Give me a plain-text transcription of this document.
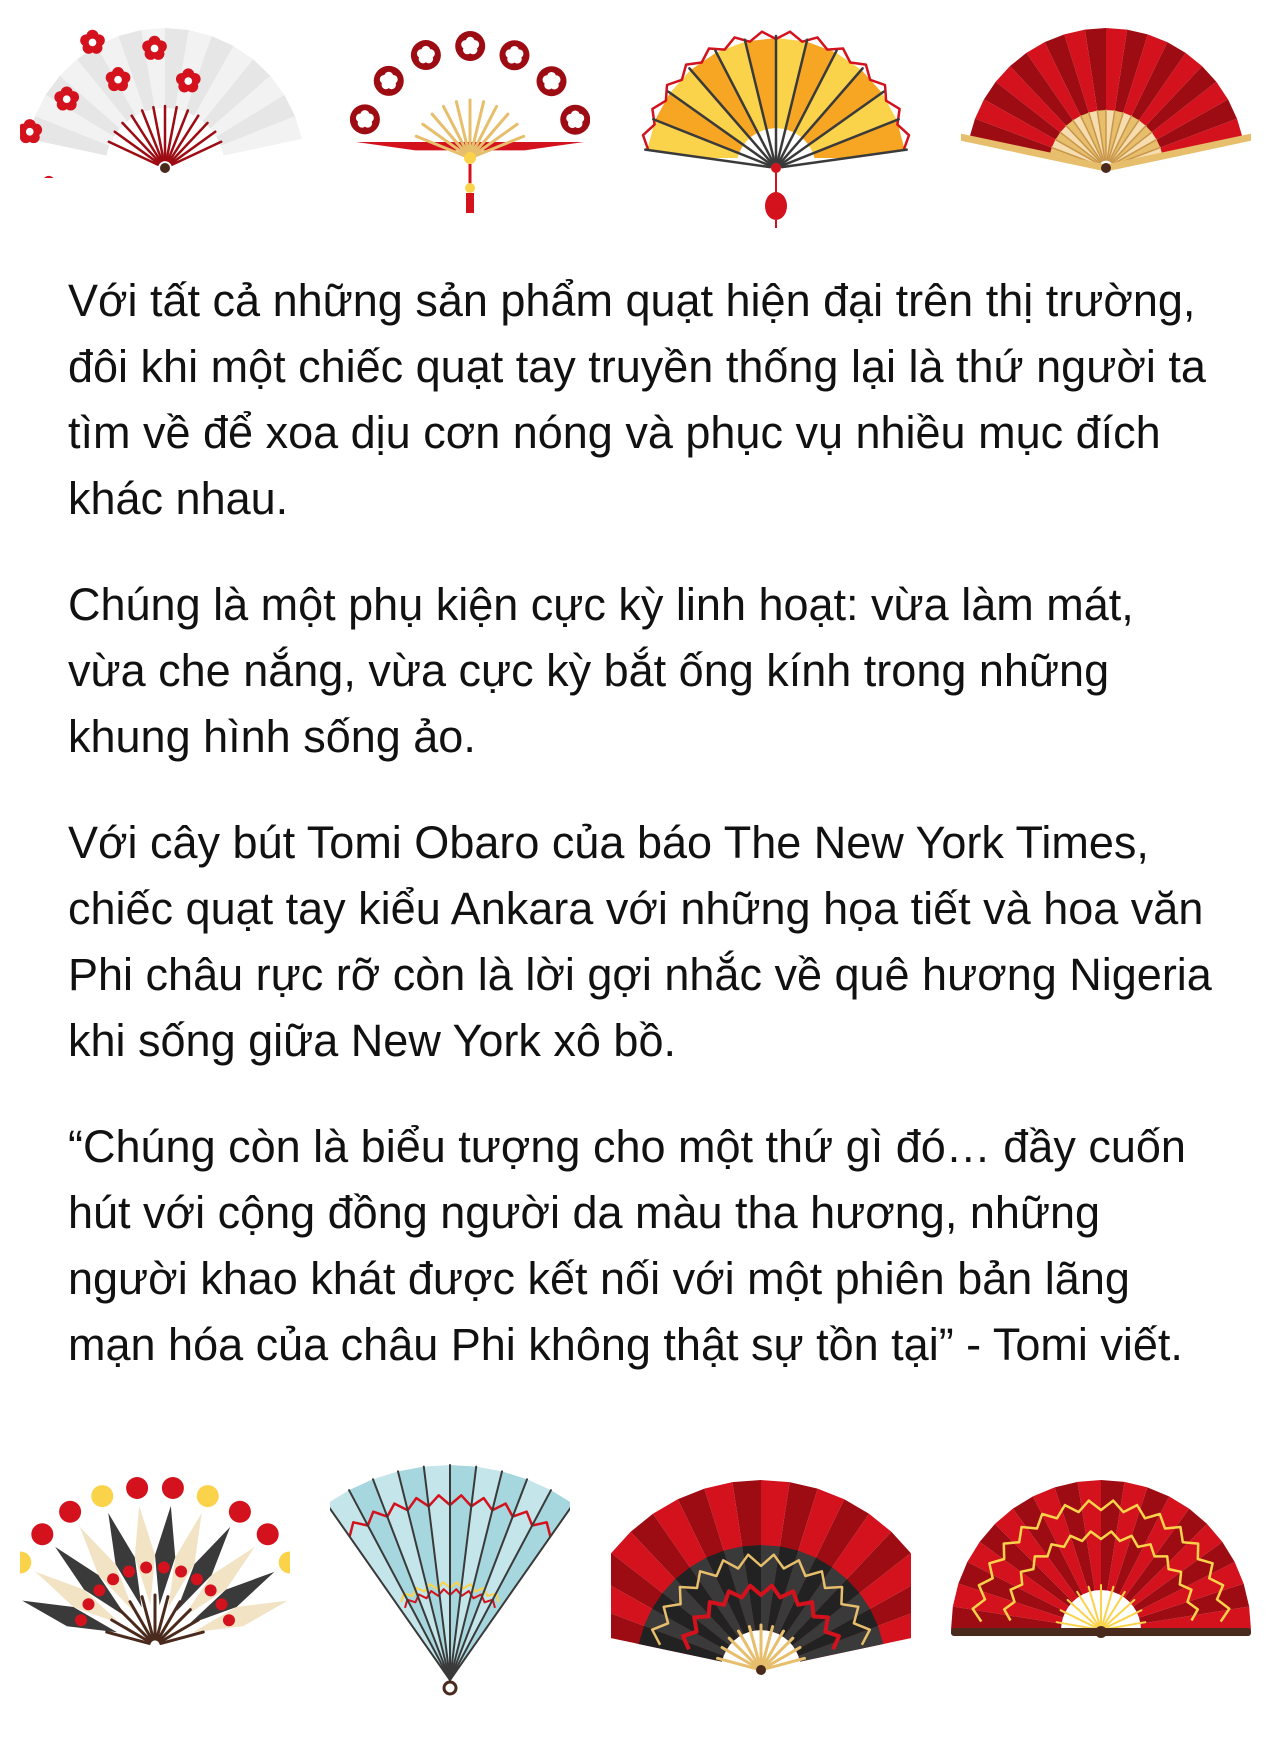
Với tất cả những sản phẩm quạt hiện đại trên thị trường, đôi khi một chiếc quạt tay truyền thống lại là thứ người ta tìm về để xoa dịu cơn nóng và phục vụ nhiều mục đích khác nhau.

Chúng là một phụ kiện cực kỳ linh hoạt: vừa làm mát, vừa che nắng, vừa cực kỳ bắt ống kính trong những khung hình sống ảo.

Với cây bút Tomi Obaro của báo The New York Times, chiếc quạt tay kiểu Ankara với những họa tiết và hoa văn Phi châu rực rỡ còn là lời gợi nhắc về quê hương Nigeria khi sống giữa New York xô bồ.

“Chúng còn là biểu tượng cho một thứ gì đó… đầy cuốn hút với cộng đồng người da màu tha hương, những người khao khát được kết nối với một phiên bản lãng mạn hóa của châu Phi không thật sự tồn tại” - Tomi viết.
